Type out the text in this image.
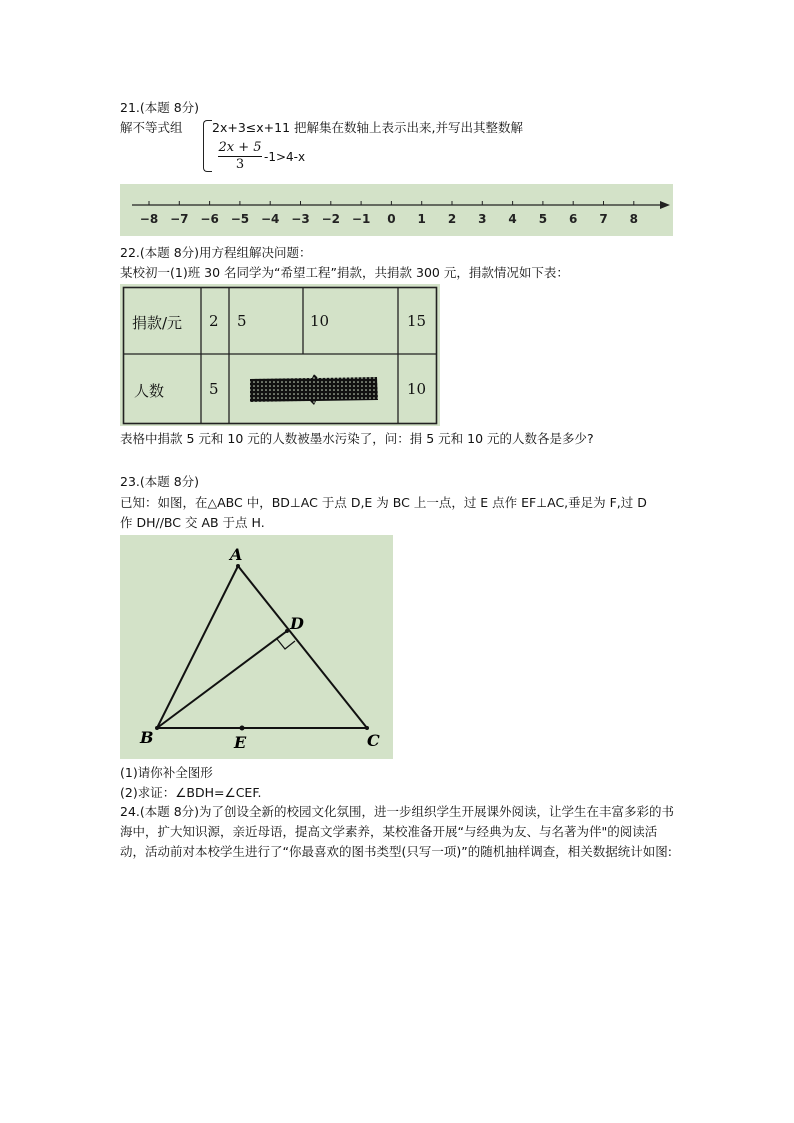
21.(本题 8分)
解不等式组 2x+3≤x+11 把解集在数轴上表示出来,并写出其整数解
$\frac{2x + 5}{3} -1>4-x$
−8 −7 −6 −5 −4 −3 −2 −1 0 1 2 3 4 5 6 7 8
22.(本题 8分)用方程组解决问题：
某校初一(1)班 30 名同学为“希望工程”捐款，共捐款 300 元，捐款情况如下表：
捐款/元 2 5	10	15
人数	5	10
表格中捐款 5 元和 10 元的人数被墨水污染了，问：捐 5 元和 10 元的人数各是多少?
23.(本题 8分)
已知：如图，在△ABC 中，BD⊥AC 于点 D,E 为 BC 上一点，过 E 点作 EF⊥AC,垂足为 F,过 D
作 DH//BC 交 AB 于点 H.
A
B	C
D
E
(1)请你补全图形
(2)求证：∠BDH=∠CEF.
24.(本题 8分)为了创设全新的校园文化氛围，进一步组织学生开展课外阅读，让学生在丰富多彩的书海中，扩大知识源，亲近母语，提高文学素养，某校准备开展“与经典为友、与名著为伴"的阅读活动，活动前对本校学生进行了“你最喜欢的图书类型(只写一项)”的随机抽样调查，相关数据统计如图:
